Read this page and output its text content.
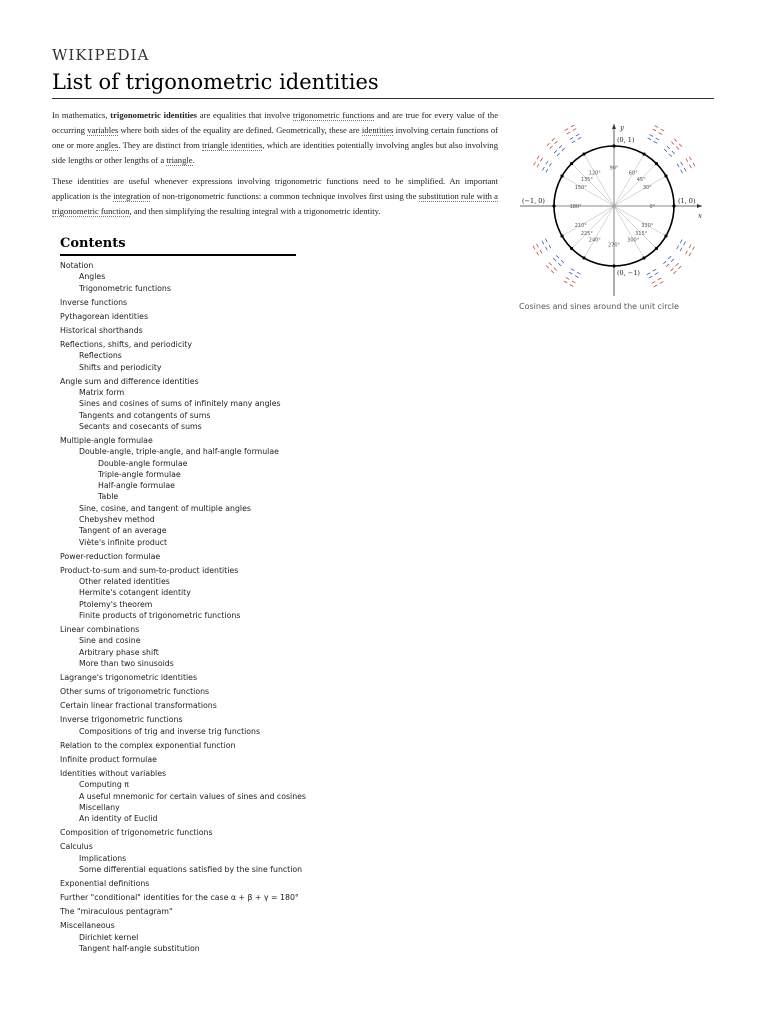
WIKIPEDIA
List of trigonometric identities

In mathematics, trigonometric identities are equalities that involve trigonometric functions and are true for every value of the occurring variables where both sides of the equality are defined. Geometrically, these are identities involving certain functions of one or more angles. They are distinct from triangle identities, which are identities potentially involving angles but also involving side lengths or other lengths of a triangle.

These identities are useful whenever expressions involving trigonometric functions need to be simplified. An important application is the integration of non-trigonometric functions: a common technique involves first using the substitution rule with a trigonometric function, and then simplifying the resulting integral with a trigonometric identity.	0°
30°
45°
60°
90°
120°
135°
150°
180°
210°
225°
240°
270°
300°
315°
330°
x
y
(0, 1)
(0, −1)
(−1, 0)	(1, 0)
Cosines and sines around the unit circle
Contents
Notation
Angles
Trigonometric functions
Inverse functions
Pythagorean identities
Historical shorthands
Reflections, shifts, and periodicity
Reflections
Shifts and periodicity
Angle sum and difference identities
Matrix form
Sines and cosines of sums of infinitely many angles
Tangents and cotangents of sums
Secants and cosecants of sums
Multiple-angle formulae
Double-angle, triple-angle, and half-angle formulae
Double-angle formulae
Triple-angle formulae
Half-angle formulae
Table
Sine, cosine, and tangent of multiple angles
Chebyshev method
Tangent of an average
Viète's infinite product
Power-reduction formulae
Product-to-sum and sum-to-product identities
Other related identities
Hermite's cotangent identity
Ptolemy's theorem
Finite products of trigonometric functions
Linear combinations
Sine and cosine
Arbitrary phase shift
More than two sinusoids
Lagrange's trigonometric identities
Other sums of trigonometric functions
Certain linear fractional transformations
Inverse trigonometric functions
Compositions of trig and inverse trig functions
Relation to the complex exponential function
Infinite product formulae
Identities without variables
Computing π
A useful mnemonic for certain values of sines and cosines
Miscellany
An identity of Euclid
Composition of trigonometric functions
Calculus
Implications
Some differential equations satisfied by the sine function
Exponential definitions
Further "conditional" identities for the case α + β + γ = 180°
The "miraculous pentagram"
Miscellaneous
Dirichlet kernel
Tangent half-angle substitution
